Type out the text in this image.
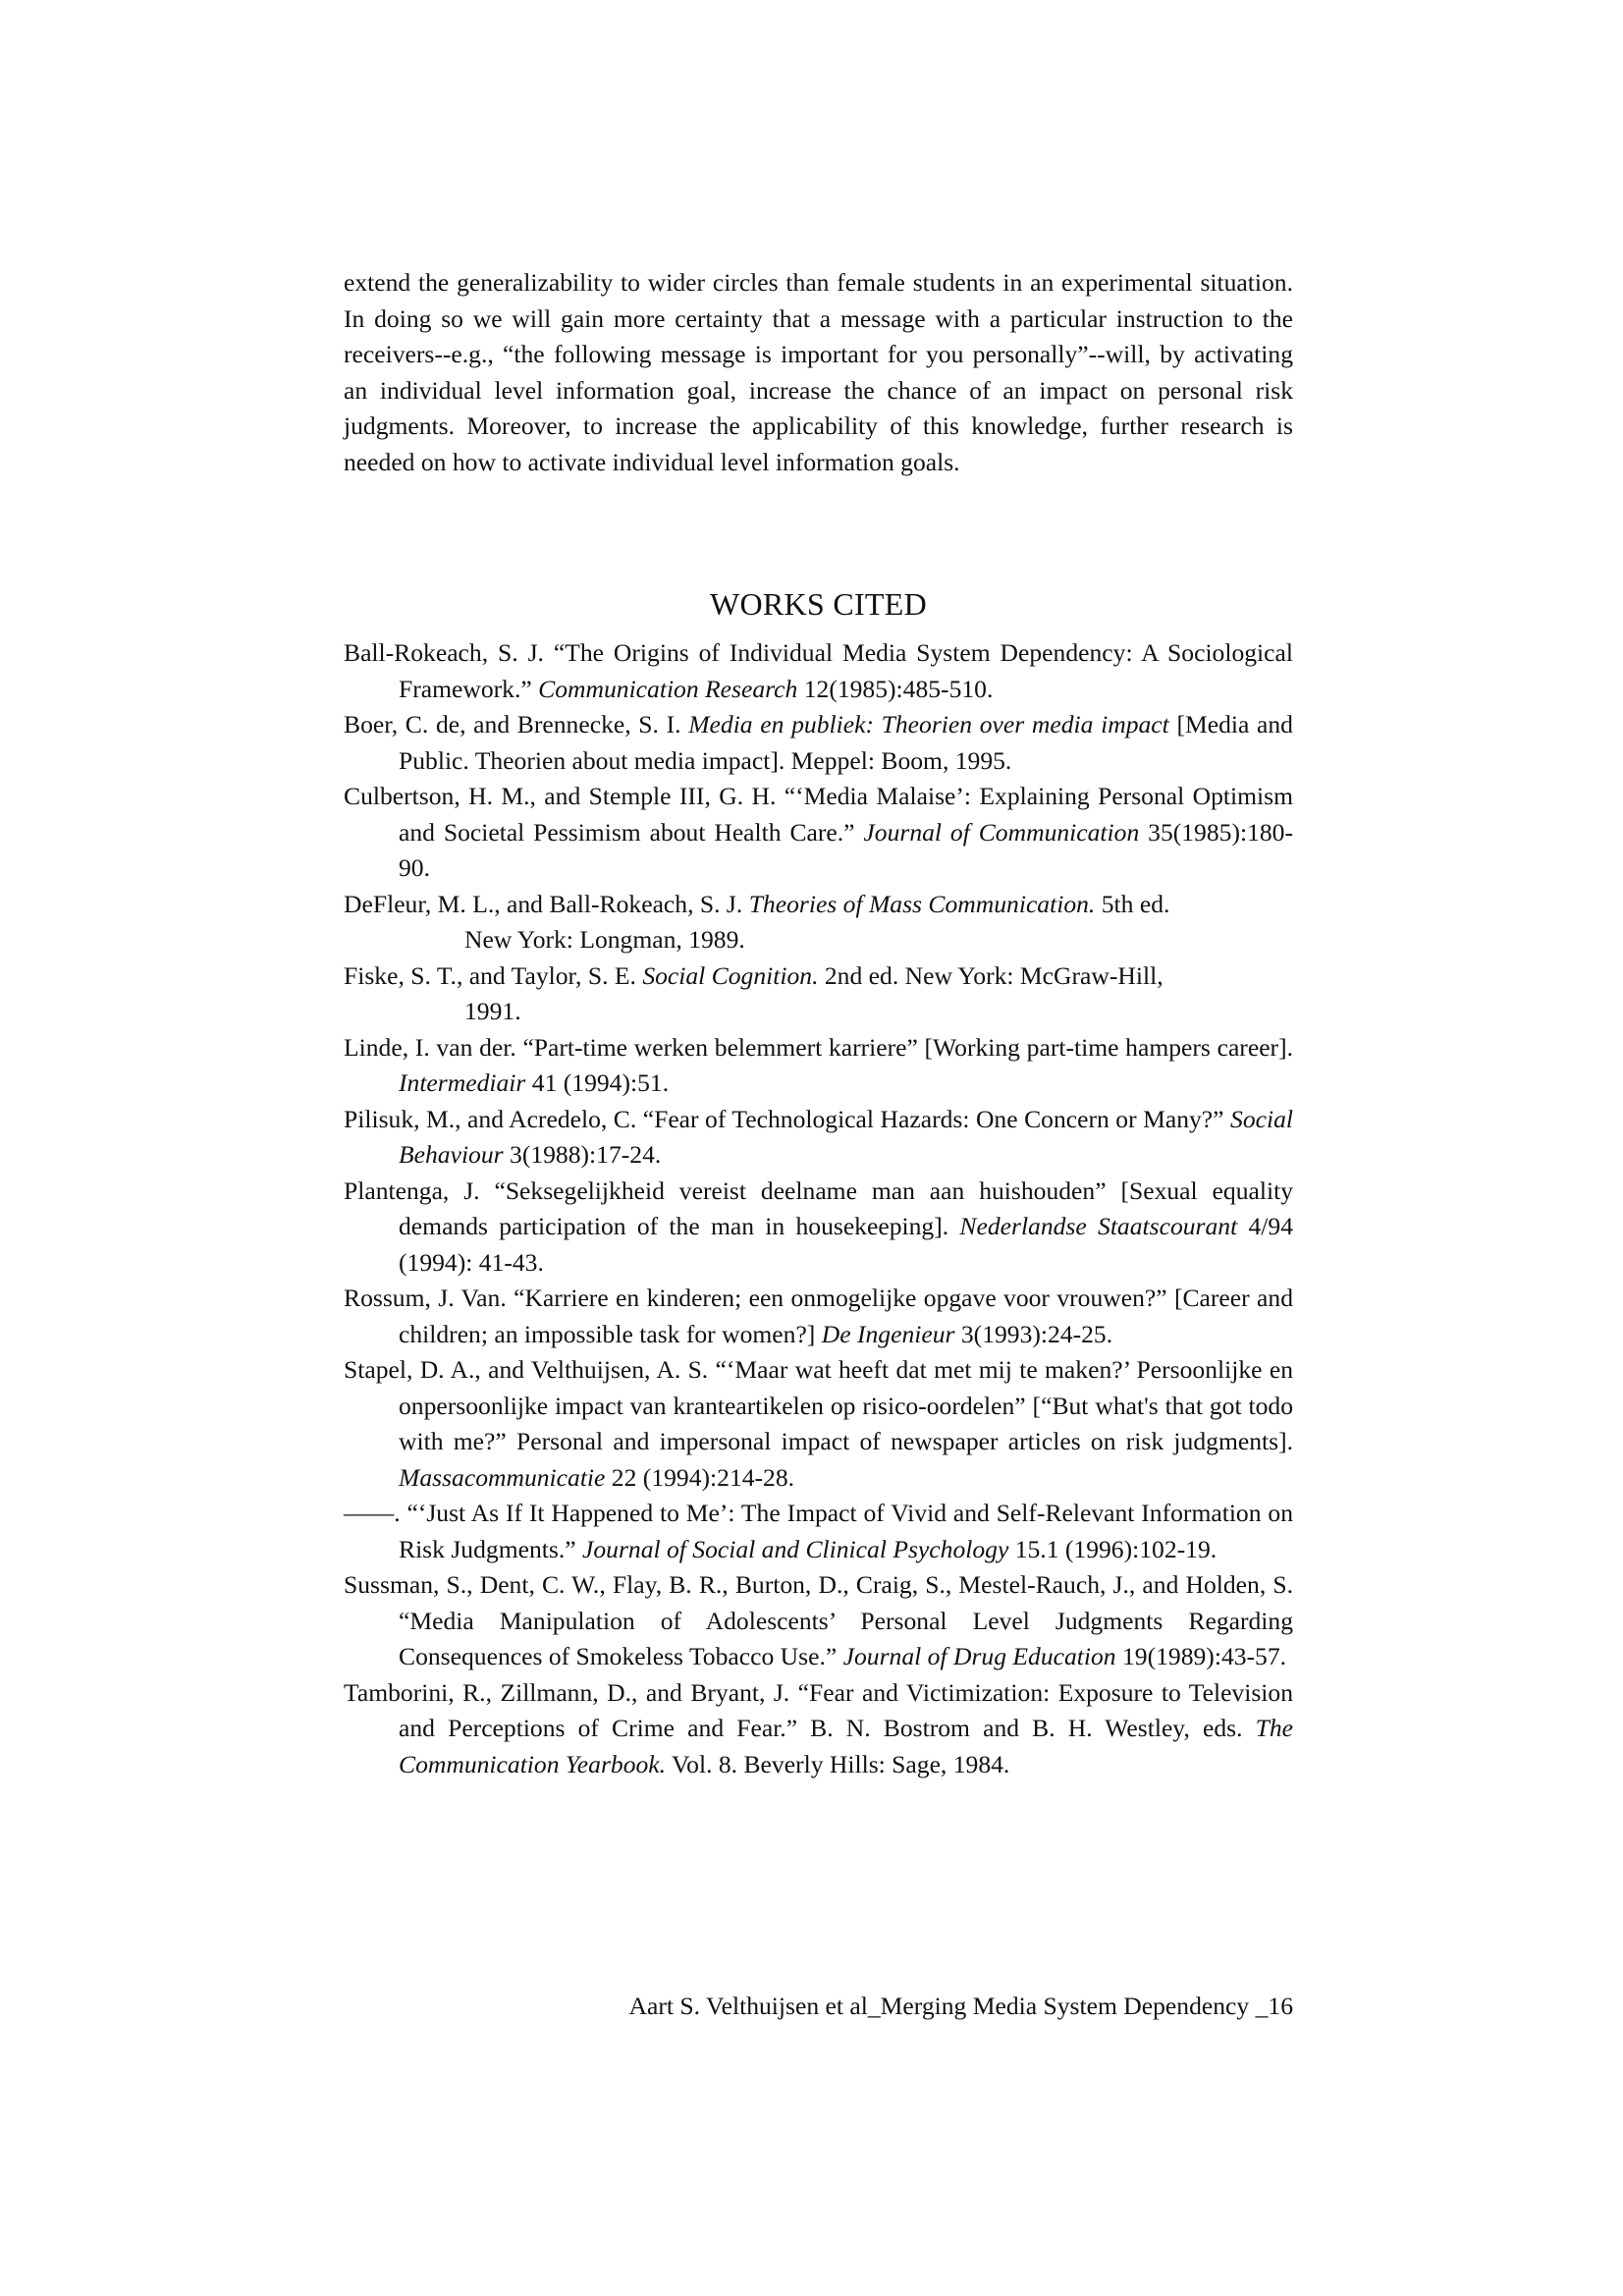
extend the generalizability to wider circles than female students in an experimental situation. In doing so we will gain more certainty that a message with a particular instruction to the receivers--e.g., “the following message is important for you personally”--will, by activating an individual level information goal, increase the chance of an impact on personal risk judgments. Moreover, to increase the applicability of this knowledge, further research is needed on how to activate individual level information goals.

WORKS CITED
Ball-Rokeach, S. J. “The Origins of Individual Media System Dependency: A Sociological Framework.” Communication Research 12(1985):485-510.
Boer, C. de, and Brennecke, S. I. Media en publiek: Theorien over media impact [Media and Public. Theorien about media impact]. Meppel: Boom, 1995.
Culbertson, H. M., and Stemple III, G. H. “‘Media Malaise’: Explaining Personal Optimism and Societal Pessimism about Health Care.” Journal of Communication 35(1985):180-90.
DeFleur, M. L., and Ball-Rokeach, S. J. Theories of Mass Communication. 5th ed.
New York: Longman, 1989.
Fiske, S. T., and Taylor, S. E. Social Cognition. 2nd ed. New York: McGraw-Hill,
1991.
Linde, I. van der. “Part-time werken belemmert karriere” [Working part-time hampers career]. Intermediair 41 (1994):51.
Pilisuk, M., and Acredelo, C. “Fear of Technological Hazards: One Concern or Many?” Social Behaviour 3(1988):17-24.
Plantenga, J. “Seksegelijkheid vereist deelname man aan huishouden” [Sexual equality demands participation of the man in housekeeping]. Nederlandse Staatscourant 4/94 (1994): 41-43.
Rossum, J. Van. “Karriere en kinderen; een onmogelijke opgave voor vrouwen?” [Career and children; an impossible task for women?] De Ingenieur 3(1993):24-25.
Stapel, D. A., and Velthuijsen, A. S. “‘Maar wat heeft dat met mij te maken?’ Persoonlijke en onpersoonlijke impact van kranteartikelen op risico-oordelen” [“But what's that got todo with me?” Personal and impersonal impact of newspaper articles on risk judgments]. Massacommunicatie 22 (1994):214-28.
——. “‘Just As If It Happened to Me’: The Impact of Vivid and Self-Relevant Information on Risk Judgments.” Journal of Social and Clinical Psychology 15.1 (1996):102-19.
Sussman, S., Dent, C. W., Flay, B. R., Burton, D., Craig, S., Mestel-Rauch, J., and Holden, S. “Media Manipulation of Adolescents’ Personal Level Judgments Regarding Consequences of Smokeless Tobacco Use.” Journal of Drug Education 19(1989):43-57.
Tamborini, R., Zillmann, D., and Bryant, J. “Fear and Victimization: Exposure to Television and Perceptions of Crime and Fear.” B. N. Bostrom and B. H. Westley, eds. The Communication Yearbook. Vol. 8. Beverly Hills: Sage, 1984.
Aart S. Velthuijsen et al_Merging Media System Dependency _16
